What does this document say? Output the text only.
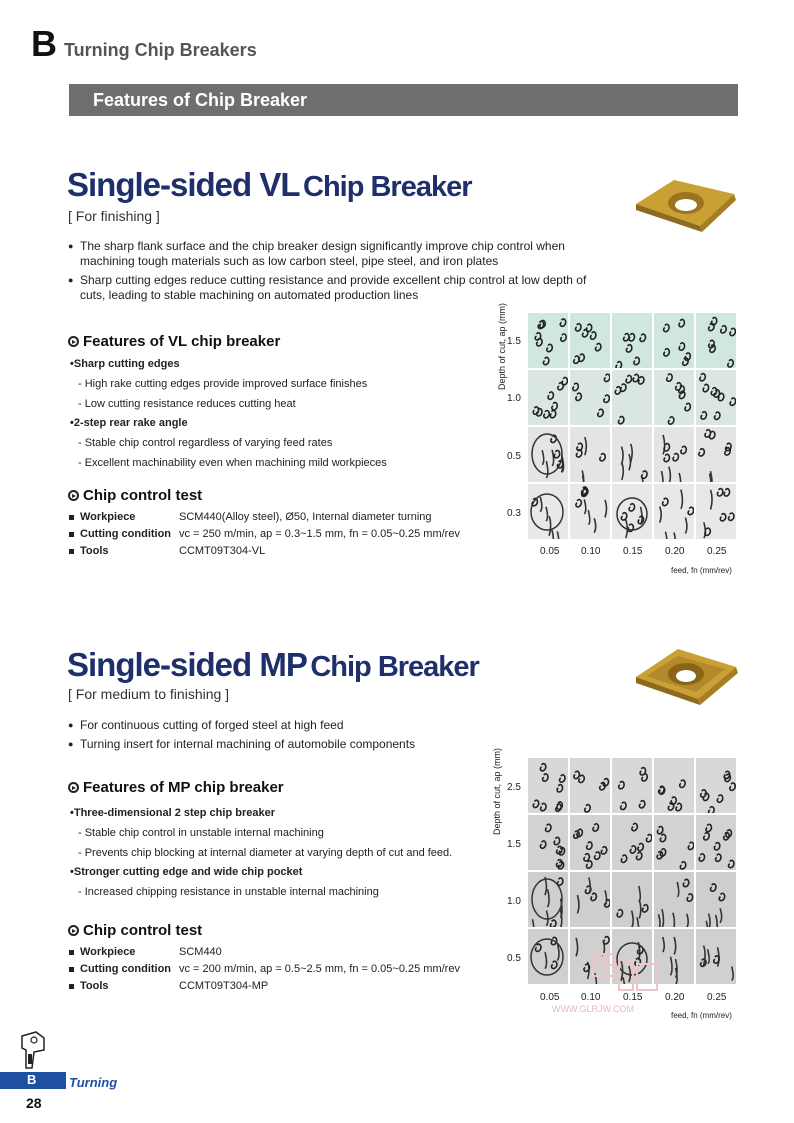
B Turning Chip Breakers
Features of Chip Breaker
Single-sided VL Chip Breaker
[ For finishing ]
● The sharp flank surface and the chip breaker design significantly improve chip control when machining tough materials such as low carbon steel, pipe steel, and iron plates
● Sharp cutting edges reduce cutting resistance and provide excellent chip control at low depth of cuts, leading to stable machining on automated production lines
Features of VL chip breaker
• Sharp cutting edges
- High rake cutting edges provide improved surface finishes
- Low cutting resistance reduces cutting heat
• 2-step rear rake angle
- Stable chip control regardless of varying feed rates
- Excellent machinability even when machining mild workpieces
Chip control test
Workpiece	SCM440(Alloy steel), Ø50, Internal diameter turning
Cutting condition vc = 250 m/min, ap = 0.3~1.5 mm, fn = 0.05~0.25 mm/rev
Tools	CCMT09T304-VL
Depth of cut, ap (mm) 1.5
1.0
0.5
0.3
0.05 0.10 0.15 0.20 0.25
feed, fn (mm/rev)
Single-sided MP Chip Breaker
[ For medium to finishing ]
● For continuous cutting of forged steel at high feed
● Turning insert for internal machining of automobile components
Features of MP chip breaker
• Three-dimensional 2 step chip breaker
- Stable chip control in unstable internal machining
- Prevents chip blocking at internal diameter at varying depth of cut and feed.
• Stronger cutting edge and wide chip pocket
- Increased chipping resistance in unstable internal machining
Chip control test
Workpiece	SCM440
Cutting condition vc = 200 m/min, ap = 0.5~2.5 mm, fn = 0.05~0.25 mm/rev
Tools	CCMT09T304-MP
Depth of cut, ap (mm) 2.5
1.5
1.0
0.5
0.05 0.10 0.15 0.20 0.25
feed, fn (mm/rev)
WWW.GLRJW.COM
B	Turning
28
